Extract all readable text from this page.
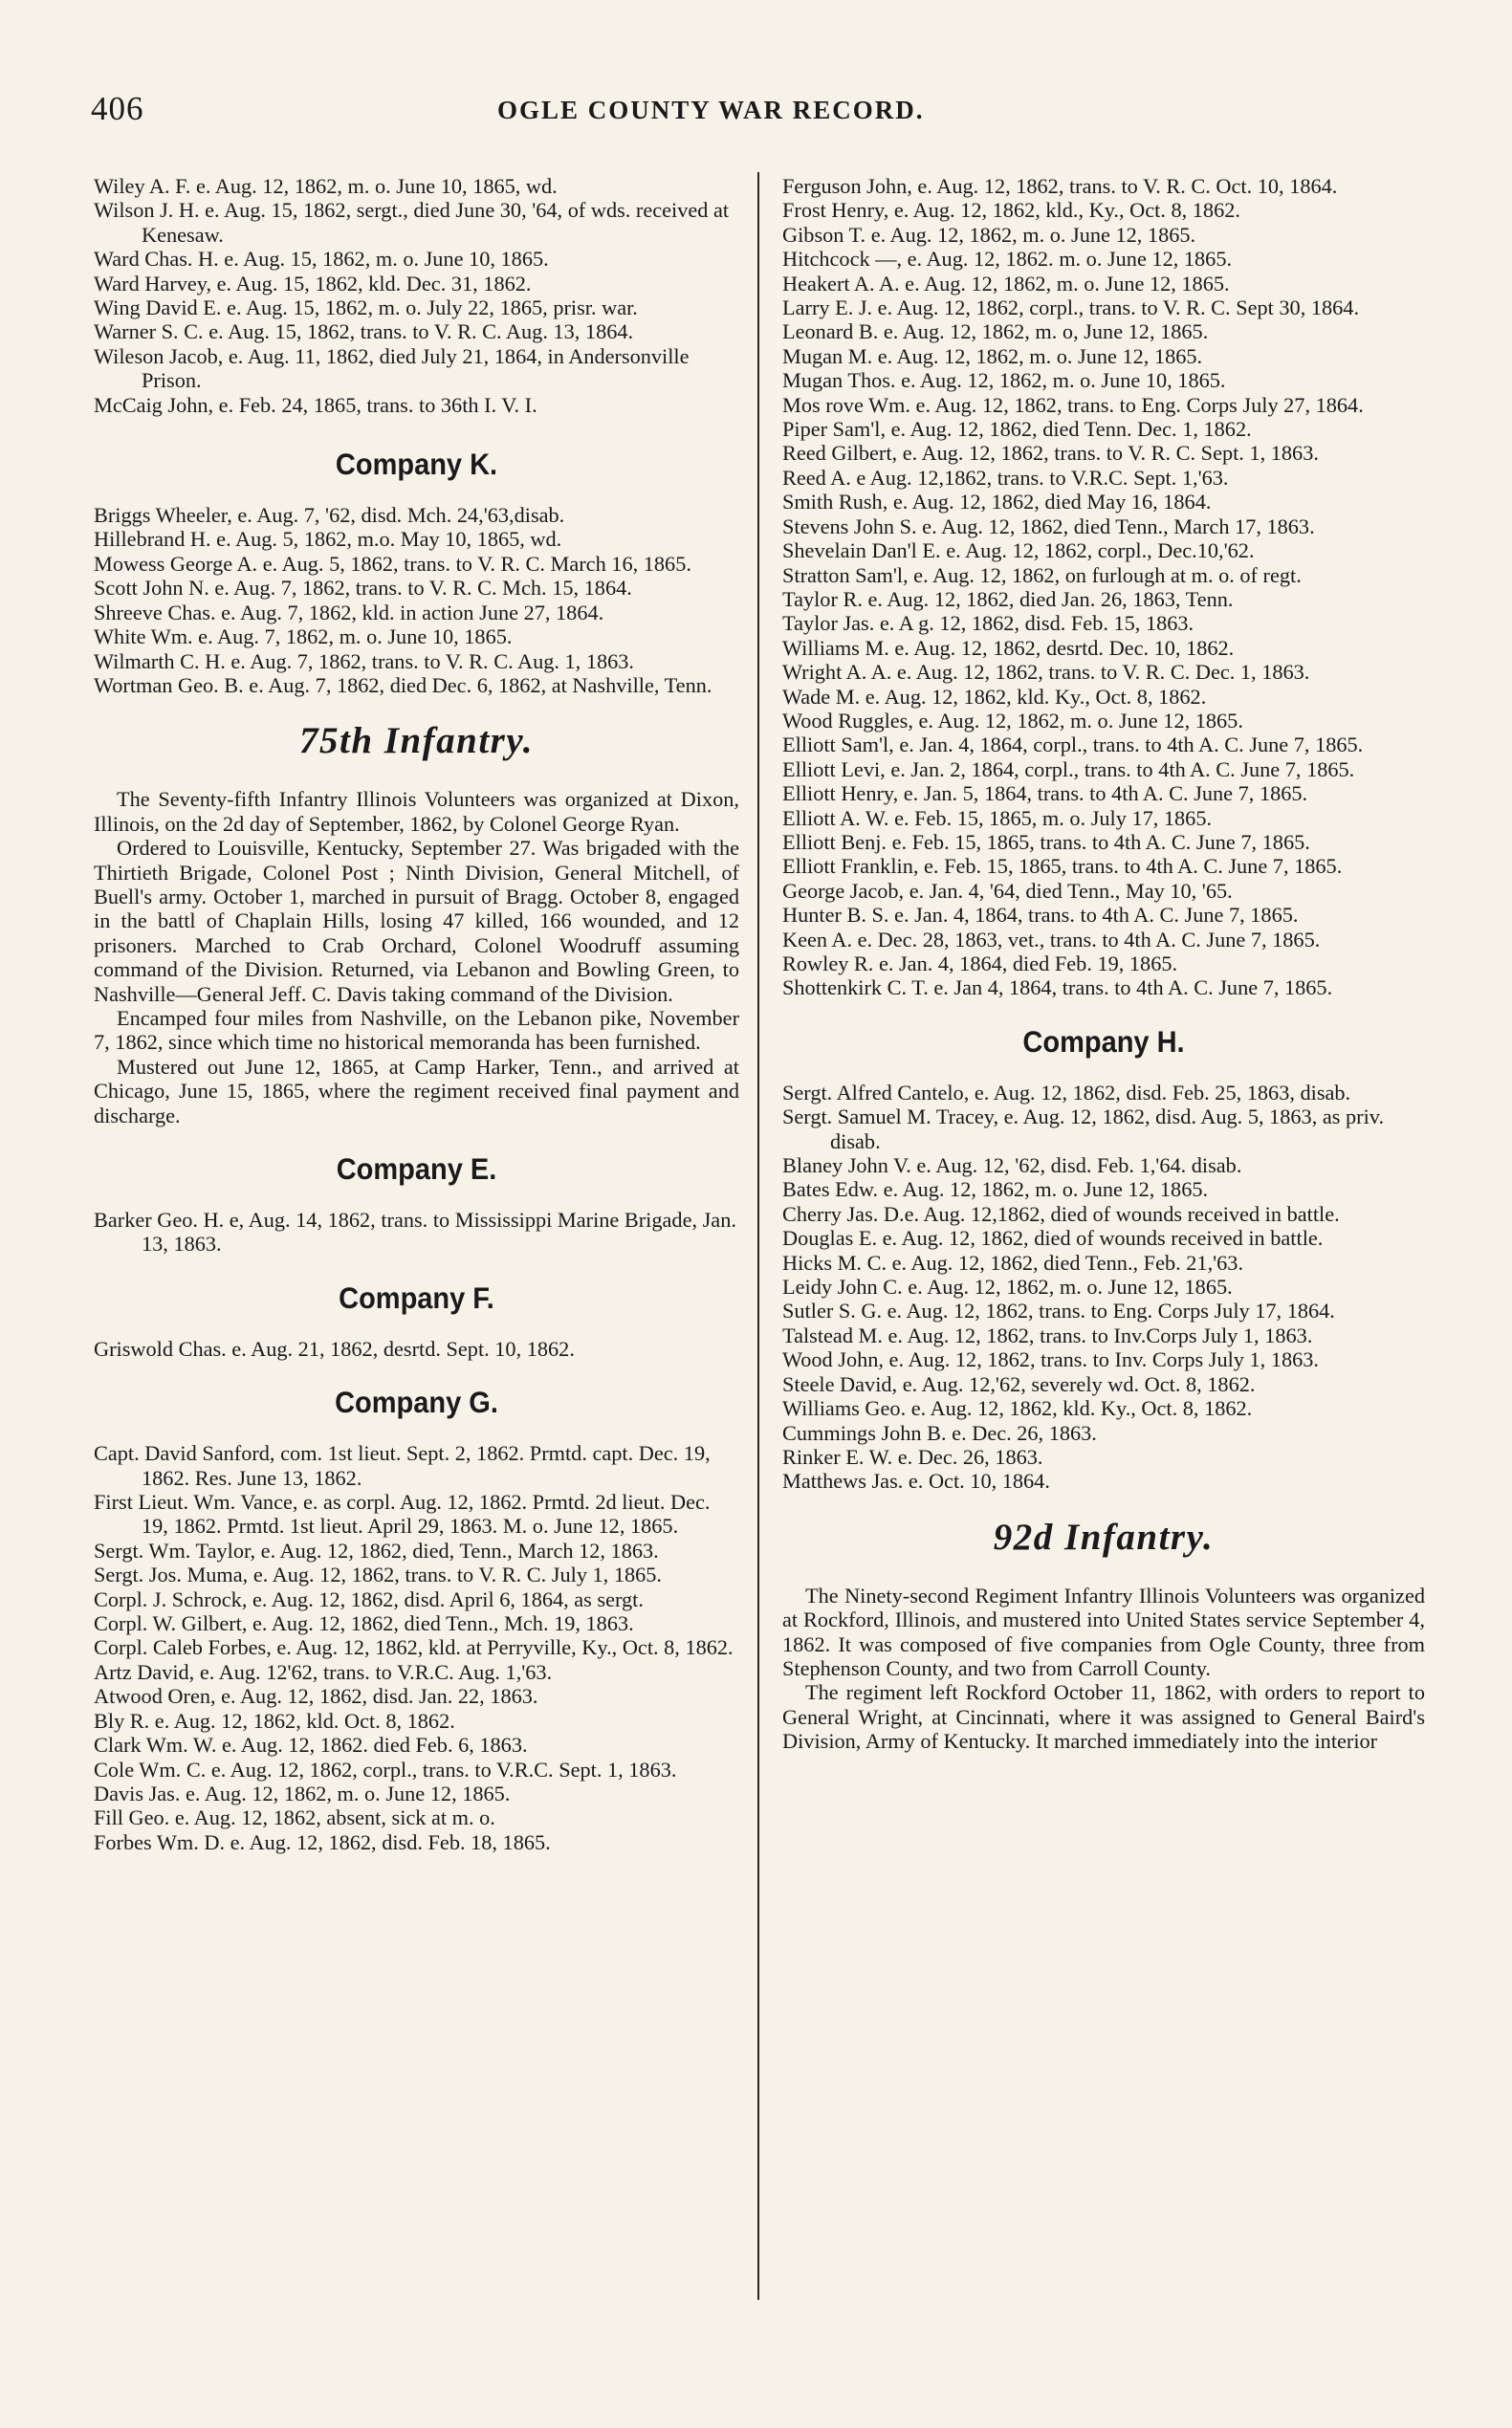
406	OGLE COUNTY WAR RECORD.

Wiley A. F. e. Aug. 12, 1862, m. o. June 10, 1865, wd.

Wilson J. H. e. Aug. 15, 1862, sergt., died June 30, '64, of wds. received at Kenesaw.

Ward Chas. H. e. Aug. 15, 1862, m. o. June 10, 1865.

Ward Harvey, e. Aug. 15, 1862, kld. Dec. 31, 1862.

Wing David E. e. Aug. 15, 1862, m. o. July 22, 1865, prisr. war.

Warner S. C. e. Aug. 15, 1862, trans. to V. R. C. Aug. 13, 1864.

Wileson Jacob, e. Aug. 11, 1862, died July 21, 1864, in Andersonville Prison.

McCaig John, e. Feb. 24, 1865, trans. to 36th I. V. I.

Company K.

Briggs Wheeler, e. Aug. 7, '62, disd. Mch. 24,'63,disab.

Hillebrand H. e. Aug. 5, 1862, m.o. May 10, 1865, wd.

Mowess George A. e. Aug. 5, 1862, trans. to V. R. C. March 16, 1865.

Scott John N. e. Aug. 7, 1862, trans. to V. R. C. Mch. 15, 1864.

Shreeve Chas. e. Aug. 7, 1862, kld. in action June 27, 1864.

White Wm. e. Aug. 7, 1862, m. o. June 10, 1865.

Wilmarth C. H. e. Aug. 7, 1862, trans. to V. R. C. Aug. 1, 1863.

Wortman Geo. B. e. Aug. 7, 1862, died Dec. 6, 1862, at Nashville, Tenn.

75th Infantry.

The Seventy-fifth Infantry Illinois Volunteers was organized at Dixon, Illinois, on the 2d day of September, 1862, by Colonel George Ryan.

Ordered to Louisville, Kentucky, September 27. Was brigaded with the Thirtieth Brigade, Colonel Post ; Ninth Division, General Mitchell, of Buell's army. October 1, marched in pursuit of Bragg. October 8, engaged in the battl of Chaplain Hills, losing 47 killed, 166 wounded, and 12 prisoners. Marched to Crab Orchard, Colonel Woodruff assuming command of the Division. Returned, via Lebanon and Bowling Green, to Nashville—General Jeff. C. Davis taking command of the Division.

Encamped four miles from Nashville, on the Lebanon pike, November 7, 1862, since which time no historical memoranda has been furnished.

Mustered out June 12, 1865, at Camp Harker, Tenn., and arrived at Chicago, June 15, 1865, where the regiment received final payment and discharge.

Company E.

Barker Geo. H. e, Aug. 14, 1862, trans. to Mississippi Marine Brigade, Jan. 13, 1863.

Company F.

Griswold Chas. e. Aug. 21, 1862, desrtd. Sept. 10, 1862.

Company G.

Capt. David Sanford, com. 1st lieut. Sept. 2, 1862. Prmtd. capt. Dec. 19, 1862. Res. June 13, 1862.

First Lieut. Wm. Vance, e. as corpl. Aug. 12, 1862. Prmtd. 2d lieut. Dec. 19, 1862. Prmtd. 1st lieut. April 29, 1863. M. o. June 12, 1865.

Sergt. Wm. Taylor, e. Aug. 12, 1862, died, Tenn., March 12, 1863.

Sergt. Jos. Muma, e. Aug. 12, 1862, trans. to V. R. C. July 1, 1865.

Corpl. J. Schrock, e. Aug. 12, 1862, disd. April 6, 1864, as sergt.

Corpl. W. Gilbert, e. Aug. 12, 1862, died Tenn., Mch. 19, 1863.

Corpl. Caleb Forbes, e. Aug. 12, 1862, kld. at Perryville, Ky., Oct. 8, 1862.

Artz David, e. Aug. 12'62, trans. to V.R.C. Aug. 1,'63.

Atwood Oren, e. Aug. 12, 1862, disd. Jan. 22, 1863.

Bly R. e. Aug. 12, 1862, kld. Oct. 8, 1862.

Clark Wm. W. e. Aug. 12, 1862. died Feb. 6, 1863.

Cole Wm. C. e. Aug. 12, 1862, corpl., trans. to V.R.C. Sept. 1, 1863.

Davis Jas. e. Aug. 12, 1862, m. o. June 12, 1865.

Fill Geo. e. Aug. 12, 1862, absent, sick at m. o.

Forbes Wm. D. e. Aug. 12, 1862, disd. Feb. 18, 1865.

Ferguson John, e. Aug. 12, 1862, trans. to V. R. C. Oct. 10, 1864.

Frost Henry, e. Aug. 12, 1862, kld., Ky., Oct. 8, 1862.

Gibson T. e. Aug. 12, 1862, m. o. June 12, 1865.

Hitchcock —, e. Aug. 12, 1862. m. o. June 12, 1865.

Heakert A. A. e. Aug. 12, 1862, m. o. June 12, 1865.

Larry E. J. e. Aug. 12, 1862, corpl., trans. to V. R. C. Sept 30, 1864.

Leonard B. e. Aug. 12, 1862, m. o, June 12, 1865.

Mugan M. e. Aug. 12, 1862, m. o. June 12, 1865.

Mugan Thos. e. Aug. 12, 1862, m. o. June 10, 1865.

Mos rove Wm. e. Aug. 12, 1862, trans. to Eng. Corps July 27, 1864.

Piper Sam'l, e. Aug. 12, 1862, died Tenn. Dec. 1, 1862.

Reed Gilbert, e. Aug. 12, 1862, trans. to V. R. C. Sept. 1, 1863.

Reed A. e Aug. 12,1862, trans. to V.R.C. Sept. 1,'63.

Smith Rush, e. Aug. 12, 1862, died May 16, 1864.

Stevens John S. e. Aug. 12, 1862, died Tenn., March 17, 1863.

Shevelain Dan'l E. e. Aug. 12, 1862, corpl., Dec.10,'62.

Stratton Sam'l, e. Aug. 12, 1862, on furlough at m. o. of regt.

Taylor R. e. Aug. 12, 1862, died Jan. 26, 1863, Tenn.

Taylor Jas. e. A g. 12, 1862, disd. Feb. 15, 1863.

Williams M. e. Aug. 12, 1862, desrtd. Dec. 10, 1862.

Wright A. A. e. Aug. 12, 1862, trans. to V. R. C. Dec. 1, 1863.

Wade M. e. Aug. 12, 1862, kld. Ky., Oct. 8, 1862.

Wood Ruggles, e. Aug. 12, 1862, m. o. June 12, 1865.

Elliott Sam'l, e. Jan. 4, 1864, corpl., trans. to 4th A. C. June 7, 1865.

Elliott Levi, e. Jan. 2, 1864, corpl., trans. to 4th A. C. June 7, 1865.

Elliott Henry, e. Jan. 5, 1864, trans. to 4th A. C. June 7, 1865.

Elliott A. W. e. Feb. 15, 1865, m. o. July 17, 1865.

Elliott Benj. e. Feb. 15, 1865, trans. to 4th A. C. June 7, 1865.

Elliott Franklin, e. Feb. 15, 1865, trans. to 4th A. C. June 7, 1865.

George Jacob, e. Jan. 4, '64, died Tenn., May 10, '65.

Hunter B. S. e. Jan. 4, 1864, trans. to 4th A. C. June 7, 1865.

Keen A. e. Dec. 28, 1863, vet., trans. to 4th A. C. June 7, 1865.

Rowley R. e. Jan. 4, 1864, died Feb. 19, 1865.

Shottenkirk C. T. e. Jan 4, 1864, trans. to 4th A. C. June 7, 1865.

Company H.

Sergt. Alfred Cantelo, e. Aug. 12, 1862, disd. Feb. 25, 1863, disab.

Sergt. Samuel M. Tracey, e. Aug. 12, 1862, disd. Aug. 5, 1863, as priv. disab.

Blaney John V. e. Aug. 12, '62, disd. Feb. 1,'64. disab.

Bates Edw. e. Aug. 12, 1862, m. o. June 12, 1865.

Cherry Jas. D.e. Aug. 12,1862, died of wounds received in battle.

Douglas E. e. Aug. 12, 1862, died of wounds received in battle.

Hicks M. C. e. Aug. 12, 1862, died Tenn., Feb. 21,'63.

Leidy John C. e. Aug. 12, 1862, m. o. June 12, 1865.

Sutler S. G. e. Aug. 12, 1862, trans. to Eng. Corps July 17, 1864.

Talstead M. e. Aug. 12, 1862, trans. to Inv.Corps July 1, 1863.

Wood John, e. Aug. 12, 1862, trans. to Inv. Corps July 1, 1863.

Steele David, e. Aug. 12,'62, severely wd. Oct. 8, 1862.

Williams Geo. e. Aug. 12, 1862, kld. Ky., Oct. 8, 1862.

Cummings John B. e. Dec. 26, 1863.

Rinker E. W. e. Dec. 26, 1863.

Matthews Jas. e. Oct. 10, 1864.

92d Infantry.

The Ninety-second Regiment Infantry Illinois Volunteers was organized at Rockford, Illinois, and mustered into United States service September 4, 1862. It was composed of five companies from Ogle County, three from Stephenson County, and two from Carroll County.

The regiment left Rockford October 11, 1862, with orders to report to General Wright, at Cincinnati, where it was assigned to General Baird's Division, Army of Kentucky. It marched immediately into the interior
